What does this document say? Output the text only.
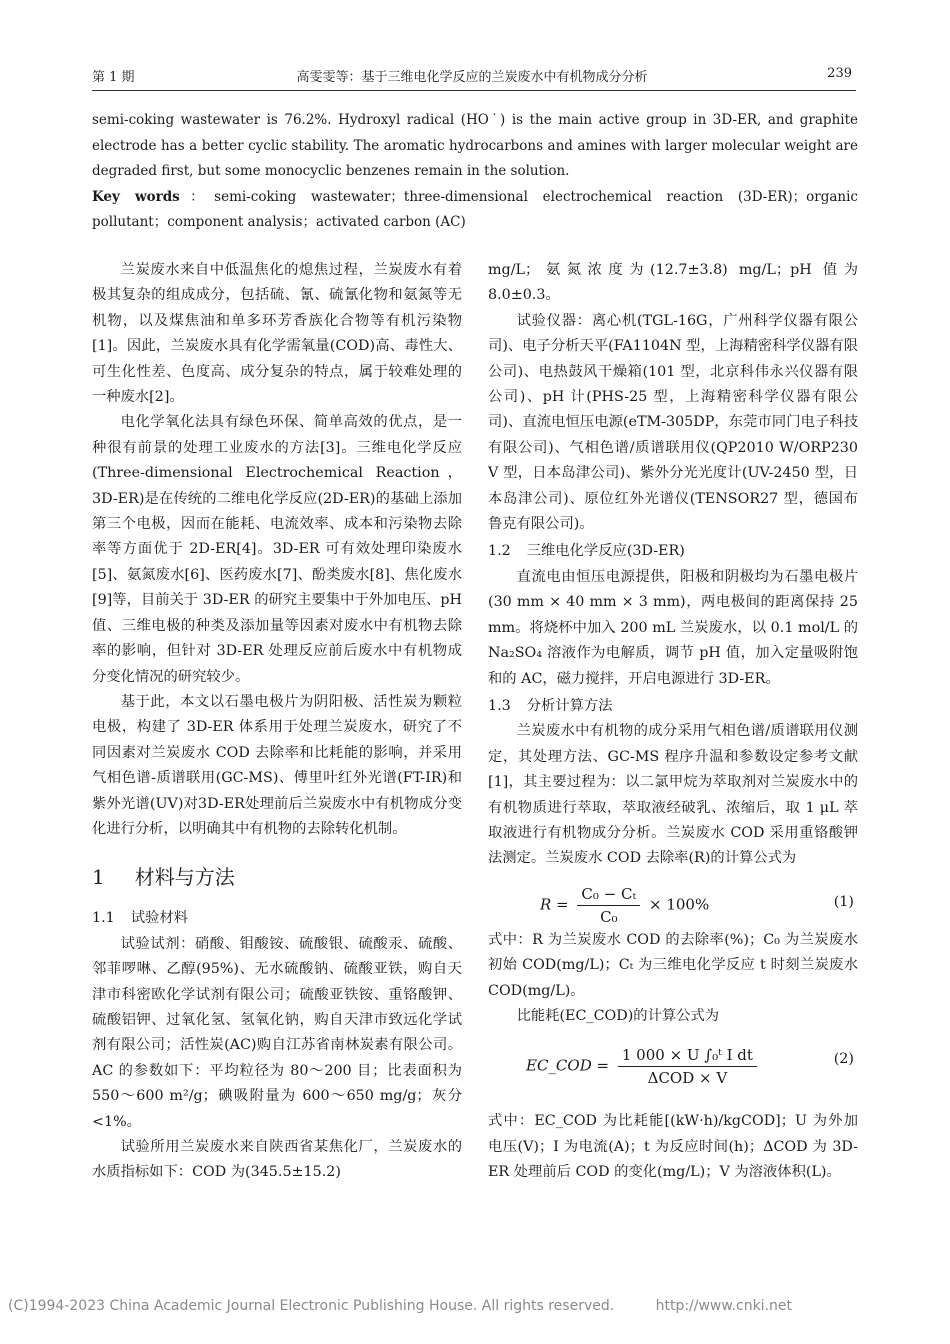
第 1 期	高雯雯等：基于三维电化学反应的兰炭废水中有机物成分分析	239

semi-coking wastewater is 76.2%. Hydroxyl radical (HO˙) is the main active group in 3D-ER, and graphite electrode has a better cyclic stability. The aromatic hydrocarbons and amines with larger molecular weight are degraded first, but some monocyclic benzenes remain in the solution.

Key words：semi-coking wastewater；three-dimensional electrochemical reaction (3D-ER)；organic pollutant；component analysis；activated carbon (AC)

兰炭废水来自中低温焦化的熄焦过程，兰炭废水有着极其复杂的组成成分，包括硫、氰、硫氰化物和氨氮等无机物，以及煤焦油和单多环芳香族化合物等有机污染物[1]。因此，兰炭废水具有化学需氧量(COD)高、毒性大、可生化性差、色度高、成分复杂的特点，属于较难处理的一种废水[2]。

电化学氧化法具有绿色环保、简单高效的优点，是一种很有前景的处理工业废水的方法[3]。三维电化学反应(Three-dimensional Electrochemical Reaction，3D-ER)是在传统的二维电化学反应(2D-ER)的基础上添加第三个电极，因而在能耗、电流效率、成本和污染物去除率等方面优于 2D-ER[4]。3D-ER 可有效处理印染废水[5]、氨氮废水[6]、医药废水[7]、酚类废水[8]、焦化废水[9]等，目前关于 3D-ER 的研究主要集中于外加电压、pH 值、三维电极的种类及添加量等因素对废水中有机物去除率的影响，但针对 3D-ER 处理反应前后废水中有机物成分变化情况的研究较少。

基于此，本文以石墨电极片为阴阳极、活性炭为颗粒电极，构建了 3D-ER 体系用于处理兰炭废水，研究了不同因素对兰炭废水 COD 去除率和比耗能的影响，并采用气相色谱-质谱联用(GC-MS)、傅里叶红外光谱(FT-IR)和紫外光谱(UV)对3D-ER处理前后兰炭废水中有机物成分变化进行分析，以明确其中有机物的去除转化机制。

1 材料与方法

1.1 试验材料

试验试剂：硝酸、钼酸铵、硫酸银、硫酸汞、硫酸、邻菲啰啉、乙醇(95%)、无水硫酸钠、硫酸亚铁，购自天津市科密欧化学试剂有限公司；硫酸亚铁铵、重铬酸钾、硫酸铝钾、过氧化氢、氢氧化钠，购自天津市致远化学试剂有限公司；活性炭(AC)购自江苏省南林炭素有限公司。AC 的参数如下：平均粒径为 80～200 目；比表面积为 550～600 m²/g；碘吸附量为 600～650 mg/g；灰分<1%。

试验所用兰炭废水来自陕西省某焦化厂，兰炭废水的水质指标如下：COD 为(345.5±15.2)

mg/L；氨氮浓度为(12.7±3.8) mg/L；pH 值为 8.0±0.3。

试验仪器：离心机(TGL-16G，广州科学仪器有限公司)、电子分析天平(FA1104N 型，上海精密科学仪器有限公司)、电热鼓风干燥箱(101 型，北京科伟永兴仪器有限公司)、pH 计(PHS-25 型，上海精密科学仪器有限公司)、直流电恒压电源(eTM-305DP，东莞市同门电子科技有限公司)、气相色谱/质谱联用仪(QP2010 W/ORP230 V 型，日本岛津公司)、紫外分光光度计(UV-2450 型，日本岛津公司)、原位红外光谱仪(TENSOR27 型，德国布鲁克有限公司)。

1.2 三维电化学反应(3D-ER)

直流电由恒压电源提供，阳极和阴极均为石墨电极片(30 mm × 40 mm × 3 mm)，两电极间的距离保持 25 mm。将烧杯中加入 200 mL 兰炭废水，以 0.1 mol/L 的 Na₂SO₄ 溶液作为电解质，调节 pH 值，加入定量吸附饱和的 AC，磁力搅拌，开启电源进行 3D-ER。

1.3 分析计算方法

兰炭废水中有机物的成分采用气相色谱/质谱联用仪测定，其处理方法、GC-MS 程序升温和参数设定参考文献[1]，其主要过程为：以二氯甲烷为萃取剂对兰炭废水中的有机物质进行萃取，萃取液经破乳、浓缩后，取 1 μL 萃取液进行有机物成分分析。兰炭废水 COD 采用重铬酸钾法测定。兰炭废水 COD 去除率(R)的计算公式为

$R = \frac{\text{C₀ − Cₜ}}{\text{C₀}} \times 100\%$	(1)

式中：R 为兰炭废水 COD 的去除率(%)；C₀ 为兰炭废水初始 COD(mg/L)；Cₜ 为三维电化学反应 t 时刻兰炭废水 COD(mg/L)。

比能耗(EC_COD)的计算公式为

EC_COD = $\frac{\text{1 000 × U ∫₀ᵗ I dt}}{\text{ΔCOD × V}}$	(2)

式中：EC_COD 为比耗能[(kW·h)/kgCOD]；U 为外加电压(V)；I 为电流(A)；t 为反应时间(h)；ΔCOD 为 3D-ER 处理前后 COD 的变化(mg/L)；V 为溶液体积(L)。

(C)1994-2023 China Academic Journal Electronic Publishing House. All rights reserved.	http://www.cnki.net
